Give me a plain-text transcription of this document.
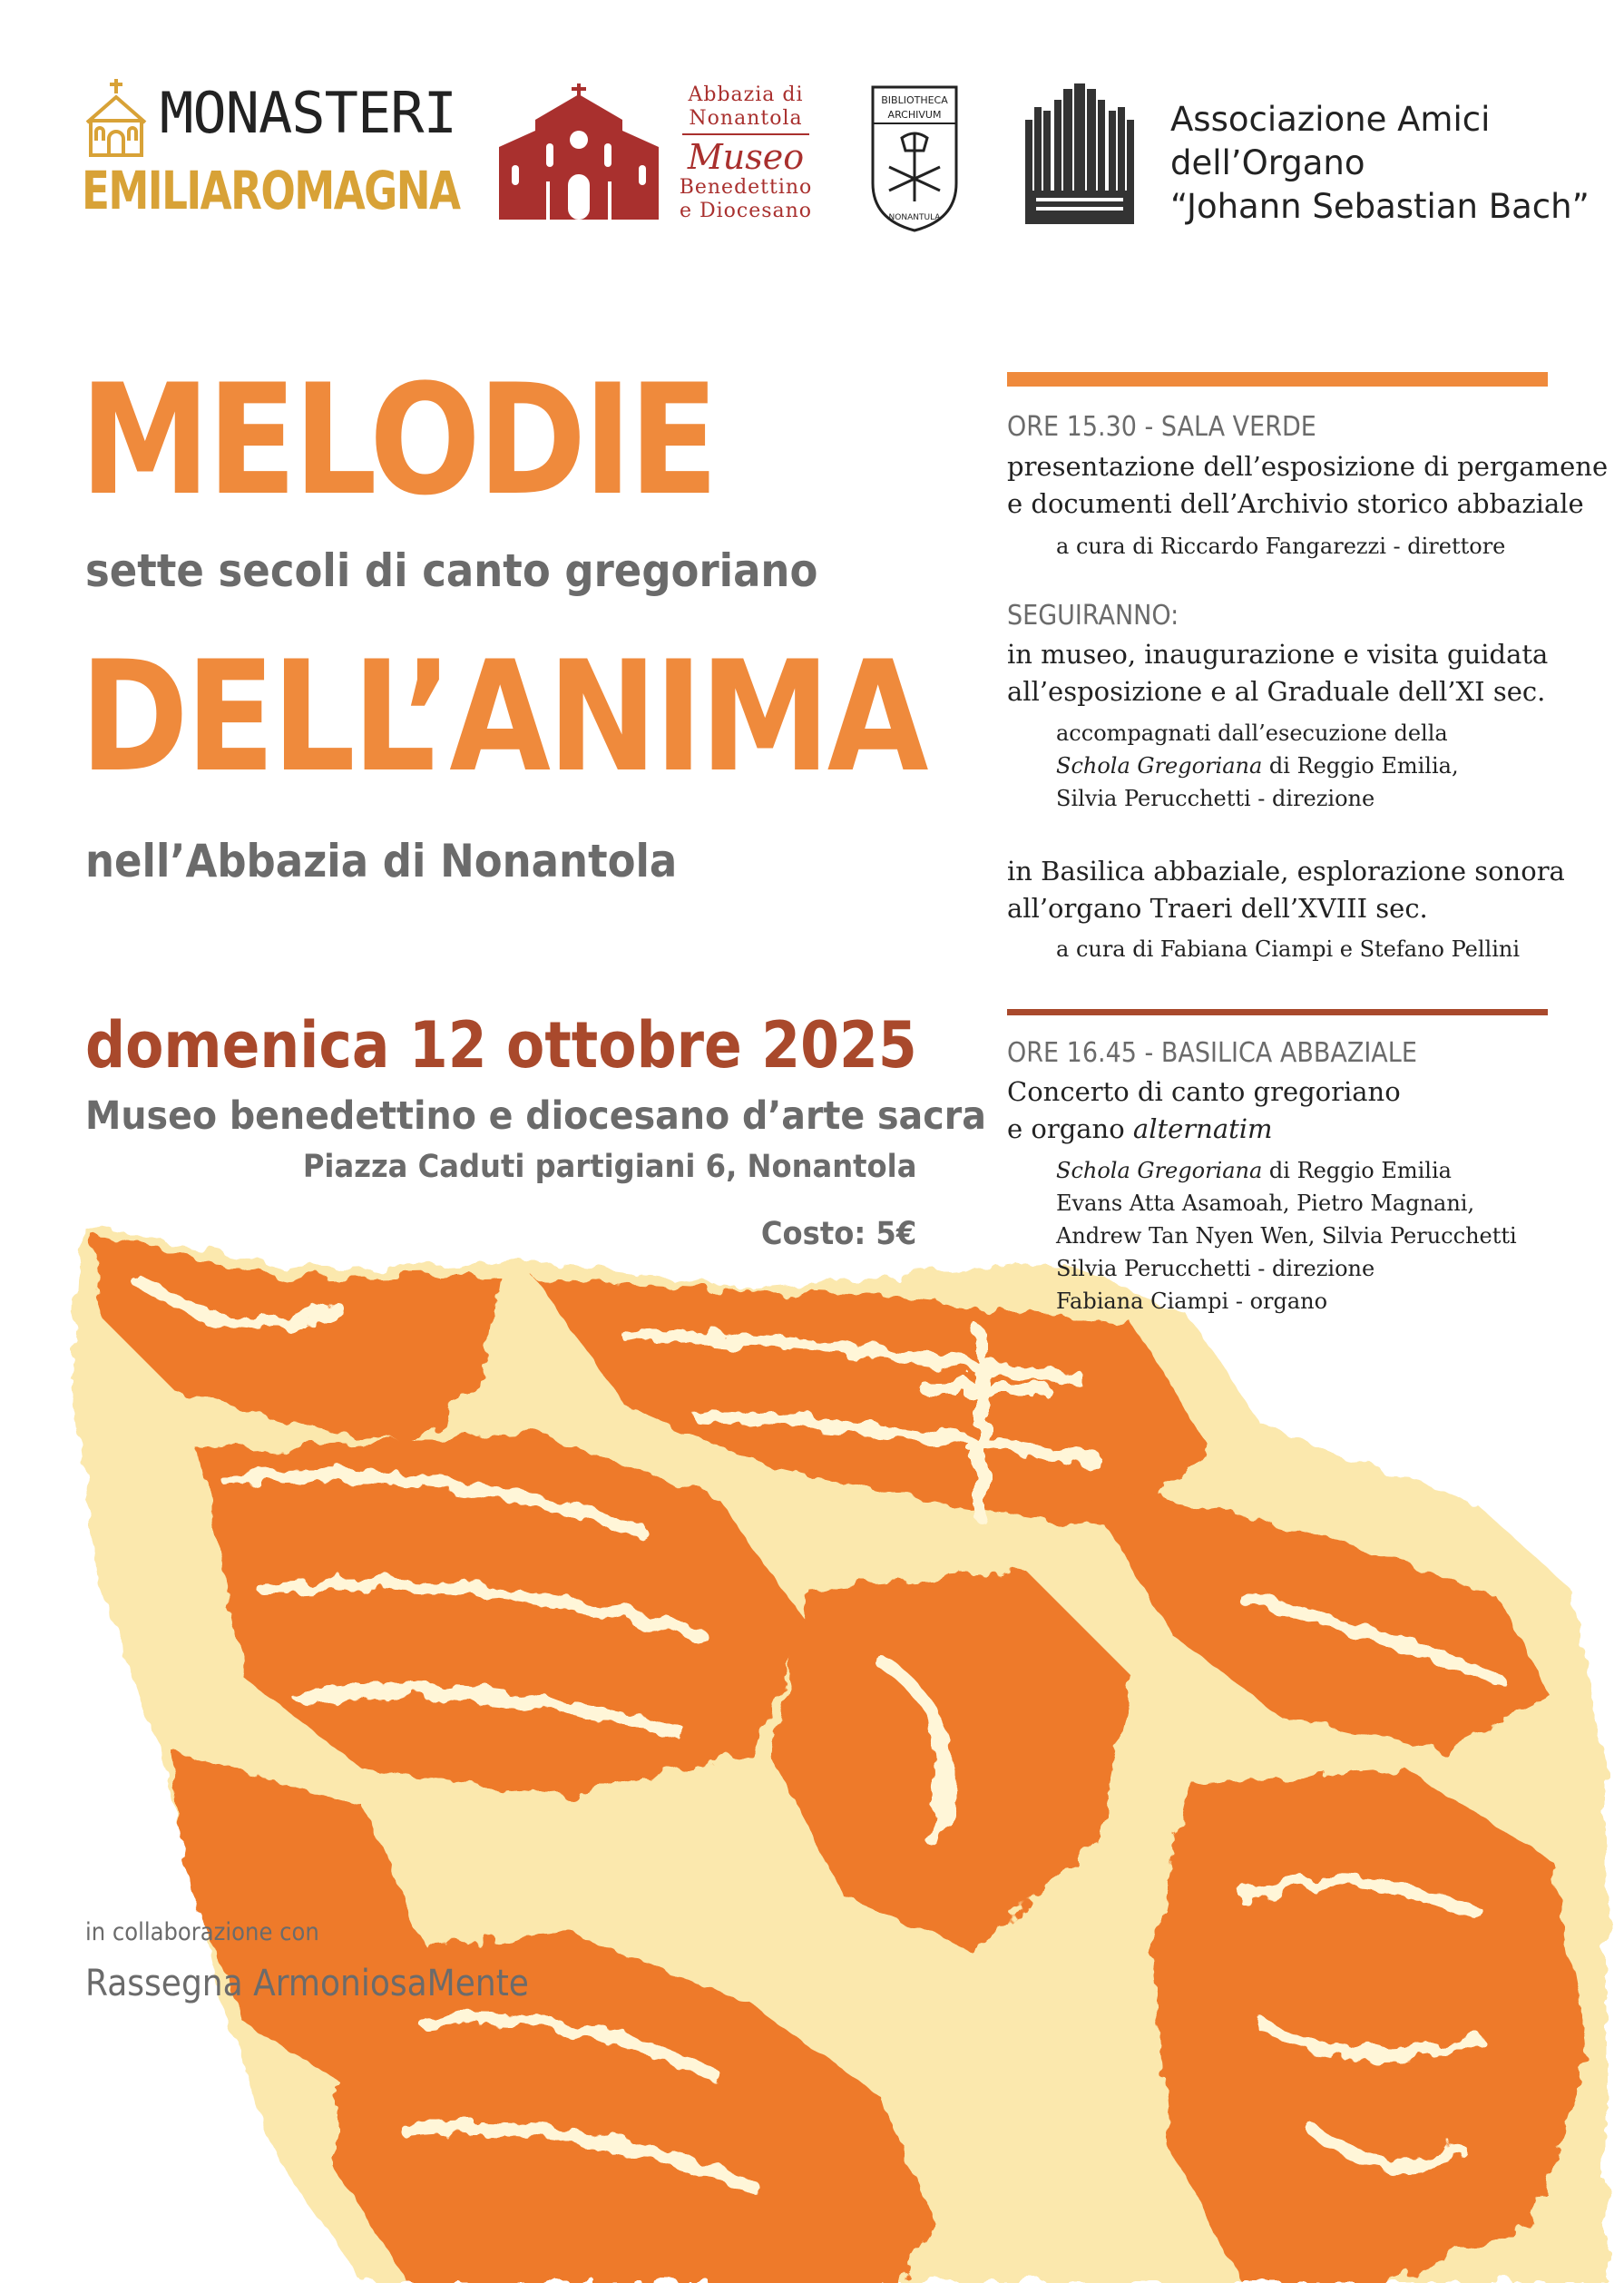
MONASTERI
EMILIAROMAGNA
Abbazia di
Nonantola
Museo
Benedettino
e Diocesano
BIBLIOTHECA
ARCHIVUM
NONANTULA
Associazione Amici
dell’Organo
“Johann Sebastian Bach”
MELODIE
sette secoli di canto gregoriano
DELL’ANIMA
nell’Abbazia di Nonantola
domenica 12 ottobre 2025
Museo benedettino e diocesano d’arte sacra
Piazza Caduti partigiani 6, Nonantola
Costo: 5€
ORE 15.30 - SALA VERDE
presentazione dell’esposizione di pergamene
e documenti dell’Archivio storico abbaziale
a cura di Riccardo Fangarezzi - direttore
SEGUIRANNO:
in museo, inaugurazione e visita guidata
all’esposizione e al Graduale dell’XI sec.
accompagnati dall’esecuzione della
Schola Gregoriana di Reggio Emilia,
Silvia Perucchetti - direzione
in Basilica abbaziale, esplorazione sonora
all’organo Traeri dell’XVIII sec.
a cura di Fabiana Ciampi e Stefano Pellini
ORE 16.45 - BASILICA ABBAZIALE
Concerto di canto gregoriano
e organo alternatim
Schola Gregoriana di Reggio Emilia
Evans Atta Asamoah, Pietro Magnani,
Andrew Tan Nyen Wen, Silvia Perucchetti
Silvia Perucchetti - direzione
Fabiana Ciampi - organo
in collaborazione con
Rassegna ArmoniosaMente
